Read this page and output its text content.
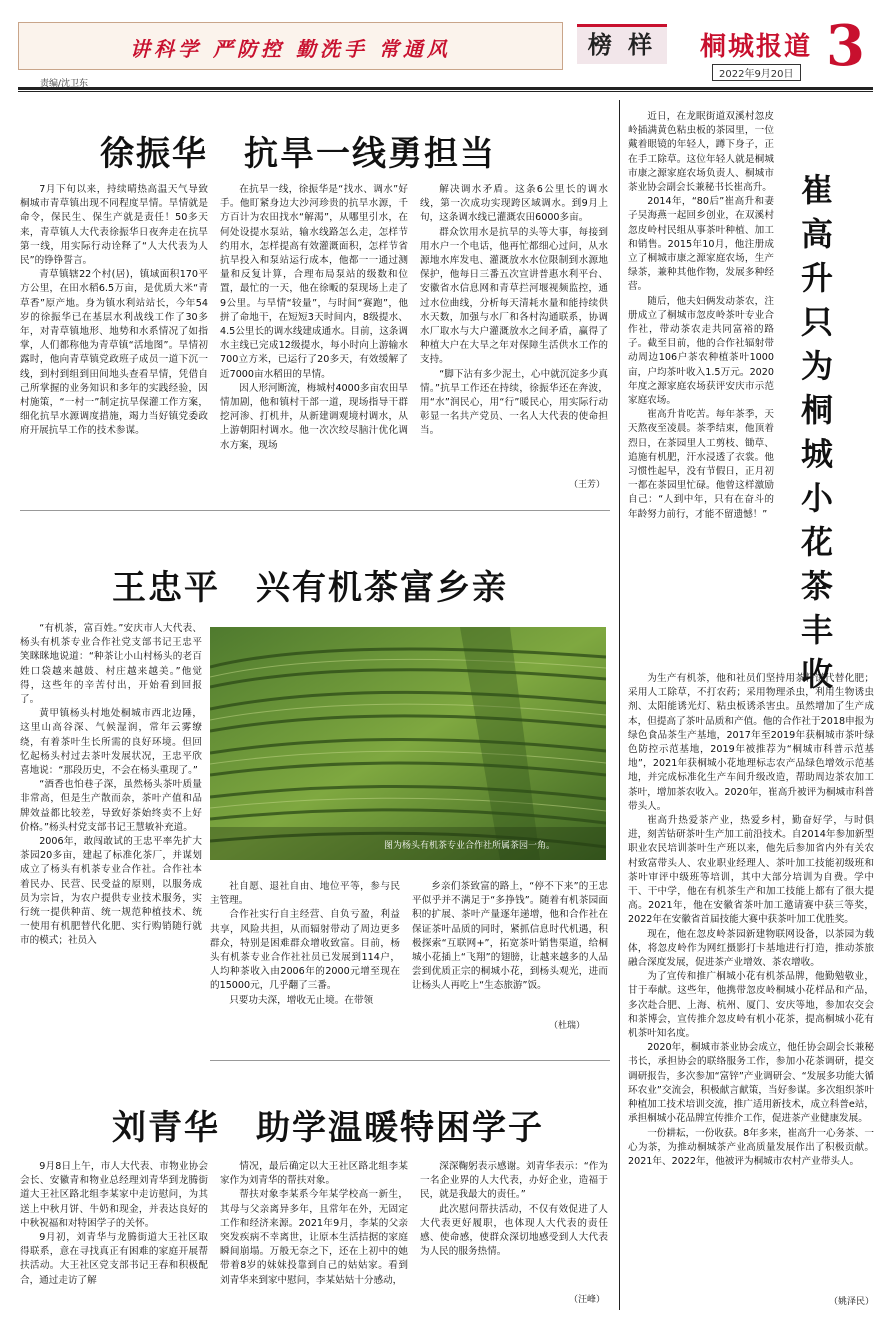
讲科学 严防控 勤洗手 常通风
责编/沈卫东
榜 样	桐城报道
2022年9月20日 3
徐振华　抗旱一线勇担当

7月下旬以来，持续晴热高温天气导致桐城市青草镇出现不同程度旱情。旱情就是命令，保民生、保生产就是责任！50多天来，青草镇人大代表徐振华日夜奔走在抗旱第一线，用实际行动诠释了“人大代表为人民”的铮铮誓言。

青草镇辖22个村(居)，镇域面积170平方公里，在田水稻6.5万亩，是优质大米“青草香”原产地。身为镇水利站站长，今年54岁的徐振华已在基层水利战线工作了30多年，对青草镇地形、地势和水系情况了如指掌，人们都称他为青草镇“活地图”。旱情初露时，他向青草镇党政班子成员一道下沉一线，到村到组到田间地头查看旱情，凭借自己所掌握的业务知识和多年的实践经验，因村施策，“一村一”制定抗旱保灌工作方案，细化抗旱水源调度措施，竭力当好镇党委政府开展抗旱工作的技术参谋。

在抗旱一线，徐振华是“找水、调水”好手。他盯紧身边大沙河珍贵的抗旱水源，千方百计为农田找水“解渴”，从哪里引水，在何处设提水泵站，输水线路怎么走，怎样节约用水，怎样提高有效灌溉面积，怎样节省抗旱投入和泵站运行成本，他都一一通过测量和反复计算，合理布局泵站的级数和位置，最忙的一天，他在徐畈的泵现场上走了9公里。与旱情“较量”，与时间“赛跑”，他拼了命地干，在短短3天时间内，8级提水、4.5公里长的调水线建成通水。目前，这条调水主线已完成12级提水，每小时向上游输水700立方米，已运行了20多天，有效缓解了近7000亩水稻田的旱情。

因人形河断流，梅城村4000多亩农田旱情加剧，他和镇村干部一道，现场指导干群挖河渗、打机井，从新建调观境村调水，从上游朝阳村调水。他一次次绞尽脑汁优化调水方案，现场

解决调水矛盾。这条6公里长的调水线，第一次成功实现跨区域调水。到9月上旬，这条调水线已灌溉农田6000多亩。

群众饮用水是抗旱的头等大事，每接到用水户一个电话，他再忙都细心过问，从水源地水库发电、灌溉放水水位限制到水源地保护，他每日三番五次宣讲普惠水利平台、安徽省水信息网和青草拦河堰视频监控，通过水位曲线，分析每天清耗水量和能持续供水天数，加强与水厂和各村沟通联系，协调水厂取水与大户灌溉放水之间矛盾，赢得了种植大户在大旱之年对保障生活供水工作的支持。

“脚下沾有多少泥土，心中就沉淀多少真情。”抗旱工作还在持续，徐振华还在奔波，用“水”润民心，用“行”暖民心，用实际行动彰显一名共产党员、一名人大代表的使命担当。

（王芳）
王忠平　兴有机茶富乡亲

“有机茶，富百姓。”安庆市人大代表、杨头有机茶专业合作社党支部书记王忠平笑眯眯地说道：“种茶让小山村杨头的老百姓口袋越来越鼓、村庄越来越美。”他觉得，这些年的辛苦付出，开始看到回报了。

黄甲镇杨头村地处桐城市西北边陲，这里山高谷深、气候湿润，常年云雾缭绕，有着茶叶生长所需的良好环境。但回忆起杨头村过去茶叶发展状况，王忠平欣喜地说：“那段历史，不会在杨头重现了。”

“酒香也怕巷子深，虽然杨头茶叶质量非常高，但是生产散而杂，茶叶产值和品牌效益都比较差，导致好茶始终卖不上好价格。”杨头村党支部书记王慧敏补充道。

2006年，敢闯敢试的王忠平率先扩大茶园20多亩，建起了标准化茶厂，并谋划成立了杨头有机茶专业合作社。合作社本着民办、民营、民受益的原则，以服务成员为宗旨，为农户提供专业技术服务，实行统一提供种苗、统一规范种植技术、统一使用有机肥替代化肥、实行购销随行就市的模式；社员入

图为杨头有机茶专业合作社所属茶园一角。

社自愿、退社自由、地位平等，参与民主管理。

合作社实行自主经营、自负亏盈，利益共享，风险共担，从而辐射带动了周边更多群众，特别是困难群众增收致富。目前，杨头有机茶专业合作社社员已发展到114户，人均种茶收入由2006年的2000元增至现在的15000元，几乎翻了三番。

只要功夫深，增收无止境。在带领

乡亲们茶致富的路上，“停不下来”的王忠平似乎并不满足于“多挣钱”。随着有机茶园面积的扩展、茶叶产量逐年递增，他和合作社在保证茶叶品质的同时，紧抓信息时代机遇，积极探索“互联网+”，拓宽茶叶销售渠道，给桐城小花插上“飞翔”的翅膀，让越来越多的人品尝到优质正宗的桐城小花，到杨头观光，进而让杨头人再吃上“生态旅游”饭。

（杜瑞）
刘青华　助学温暖特困学子

9月8日上午，市人大代表、市物业协会会长、安徽青和物业总经理刘青华到龙腾街道大王社区路北组李某家中走访慰问，为其送上中秋月饼、牛奶和现金，并表达良好的中秋祝福和对特困学子的关怀。

9月初，刘青华与龙腾街道大王社区取得联系，意在寻找真正有困难的家庭开展帮扶活动。大王社区党支部书记王春和积极配合，通过走访了解

情况，最后确定以大王社区路北组李某家作为刘青华的帮扶对象。

帮扶对象李某系今年某学校高一新生，其母与父亲离异多年，且常年在外，无固定工作和经济来源。2021年9月，李某的父亲突发疾病不幸离世，让原本生活拮据的家庭瞬间崩塌。万般无奈之下，还在上初中的她带着8岁的妹妹投靠到自己的姑姑家。看到刘青华来到家中慰问，李某姑姑十分感动，

深深鞠躬表示感谢。刘青华表示：“作为一名企业界的人大代表，办好企业，造福于民，就是我最大的责任。”

此次慰问帮扶活动，不仅有效促进了人大代表更好履职，也体现人大代表的责任感、使命感，使群众深切地感受到人大代表为人民的服务热情。

（汪峰）
崔高升　只为桐城小花茶丰收

近日，在龙眠街道双溪村忽皮岭插满黄色粘虫板的茶园里，一位戴着眼镜的年轻人，蹲下身子，正在手工除草。这位年轻人就是桐城市康之源家庭农场负责人、桐城市茶业协会副会长兼秘书长崔高升。

2014年，“80后”崔高升和妻子吴海燕一起回乡创业，在双溪村忽皮岭村民组从事茶叶种植、加工和销售。2015年10月，他注册成立了桐城市康之源家庭农场，生产绿茶，兼种其他作物，发展多种经营。

随后，他夫妇俩发动茶农，注册成立了桐城市忽皮岭茶叶专业合作社，带动茶农走共同富裕的路子。截至目前，他的合作社辐射带动周边106户茶农种植茶叶1000亩，户均茶叶收入1.5万元。2020年度之源家庭农场获评安庆市示范家庭农场。

崔高升肯吃苦。每年茶季，天天熬夜至凌晨。茶季结束，他顶着烈日，在茶园里人工剪枝、锄草、追施有机肥，汗水浸透了衣裳。他习惯性起早，没有节假日，正月初一都在茶园里忙碌。他曾这样激励自己：“人到中年，只有在奋斗的年龄努力前行，才能不留遗憾！”

为生产有机茶，他和社员们坚持用茶籽饼代替化肥；采用人工除草，不打农药；采用物理杀虫，利用生物诱虫剂、太阳能诱光灯、粘虫板诱杀害虫。虽然增加了生产成本，但提高了茶叶品质和产值。他的合作社于2018申报为绿色食品茶生产基地，2017年至2019年获桐城市茶叶绿色防控示范基地，2019年被推荐为“桐城市科普示范基地”，2021年获桐城小花地理标志农产品绿色增效示范基地，并完成标准化生产车间升级改造，帮助周边茶农加工茶叶，增加茶农收入。2020年，崔高升被评为桐城市科普带头人。

崔高升热爱茶产业，热爱乡村，勤奋好学，与时俱进，刻苦钻研茶叶生产加工前沿技术。自2014年参加新型职业农民培训茶叶生产班以来，他先后参加省内外有关农村致富带头人、农业职业经理人、茶叶加工技能初级班和茶叶审评中级班等培训，其中大部分培训为自费。学中干、干中学，他在有机茶生产和加工技能上都有了很大提高。2021年，他在安徽省茶叶加工邀请赛中获三等奖，2022年在安徽省首届技能大赛中获茶叶加工优胜奖。

现在，他在忽皮岭茶园新建物联网设备，以茶园为载体，将忽皮岭作为网红摄影打卡基地进行打造，推动茶旅融合深度发展，促进茶产业增效、茶农增收。

为了宣传和推广桐城小花有机茶品牌，他勤勉敬业，甘于奉献。这些年，他携带忽皮岭桐城小花样品和产品，多次赴合肥、上海、杭州、厦门、安庆等地，参加农交会和茶博会，宣传推介忽皮岭有机小花茶，提高桐城小花有机茶叶知名度。

2020年，桐城市茶业协会成立，他任协会副会长兼秘书长，承担协会的联络服务工作，参加小花茶调研，提交调研报告，多次参加“富锌”产业调研会、“发展多功能大循环农业”交流会，积极献言献策，当好参谋。多次组织茶叶种植加工技术培训交流，推广适用新技术，成立科普e站，承担桐城小花品牌宣传推介工作，促进茶产业健康发展。

一份耕耘，一份收获。8年多来，崔高升一心务茶、一心为茶，为推动桐城茶产业高质量发展作出了积极贡献。2021年、2022年，他被评为桐城市农村产业带头人。

（姚泽民）
